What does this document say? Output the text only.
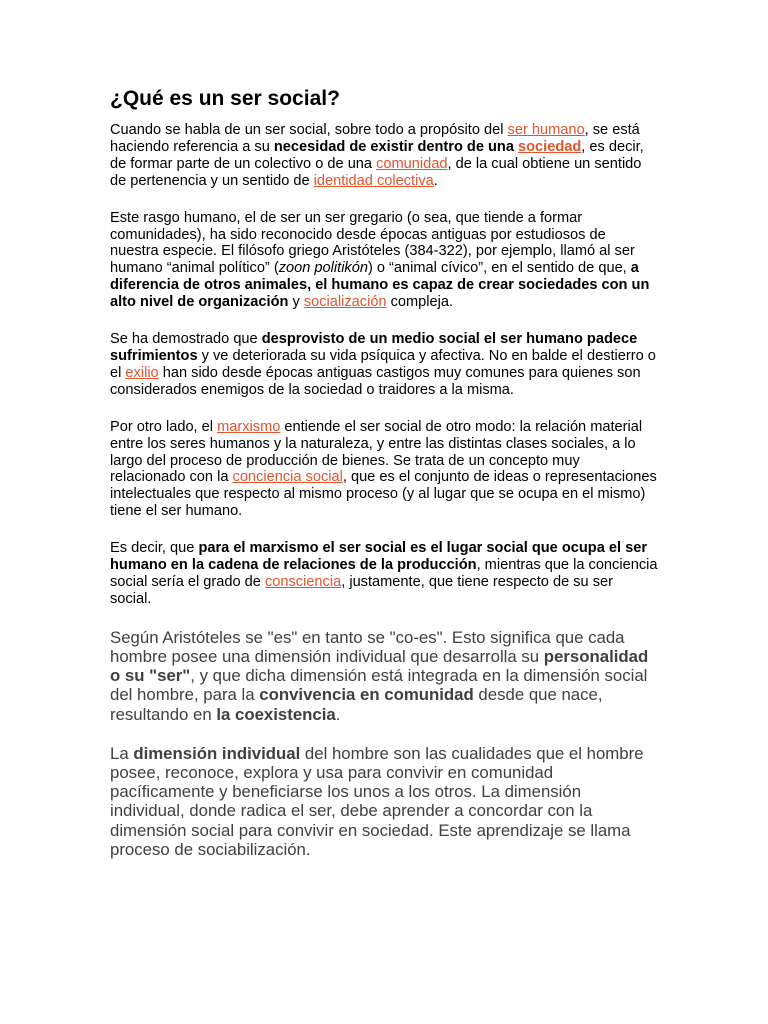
¿Qué es un ser social?

Cuando se habla de un ser social, sobre todo a propósito del ser humano, se está haciendo referencia a su necesidad de existir dentro de una sociedad, es decir, de formar parte de un colectivo o de una comunidad, de la cual obtiene un sentido de pertenencia y un sentido de identidad colectiva.

Este rasgo humano, el de ser un ser gregario (o sea, que tiende a formar comunidades), ha sido reconocido desde épocas antiguas por estudiosos de nuestra especie. El filósofo griego Aristóteles (384-322), por ejemplo, llamó al ser humano “animal político” (zoon politikón) o “animal cívico”, en el sentido de que, a diferencia de otros animales, el humano es capaz de crear sociedades con un alto nivel de organización y socialización compleja.

Se ha demostrado que desprovisto de un medio social el ser humano padece sufrimientos y ve deteriorada su vida psíquica y afectiva. No en balde el destierro o el exilio han sido desde épocas antiguas castigos muy comunes para quienes son considerados enemigos de la sociedad o traidores a la misma.

Por otro lado, el marxismo entiende el ser social de otro modo: la relación material entre los seres humanos y la naturaleza, y entre las distintas clases sociales, a lo largo del proceso de producción de bienes. Se trata de un concepto muy relacionado con la conciencia social, que es el conjunto de ideas o representaciones intelectuales que respecto al mismo proceso (y al lugar que se ocupa en el mismo) tiene el ser humano.

Es decir, que para el marxismo el ser social es el lugar social que ocupa el ser humano en la cadena de relaciones de la producción, mientras que la conciencia social sería el grado de consciencia, justamente, que tiene respecto de su ser social.

Según Aristóteles se "es" en tanto se "co-es". Esto significa que cada hombre posee una dimensión individual que desarrolla su personalidad o su "ser", y que dicha dimensión está integrada en la dimensión social del hombre, para la convivencia en comunidad desde que nace, resultando en la coexistencia.

La dimensión individual del hombre son las cualidades que el hombre posee, reconoce, explora y usa para convivir en comunidad pacíficamente y beneficiarse los unos a los otros. La dimensión individual, donde radica el ser, debe aprender a concordar con la dimensión social para convivir en sociedad. Este aprendizaje se llama proceso de sociabilización.
